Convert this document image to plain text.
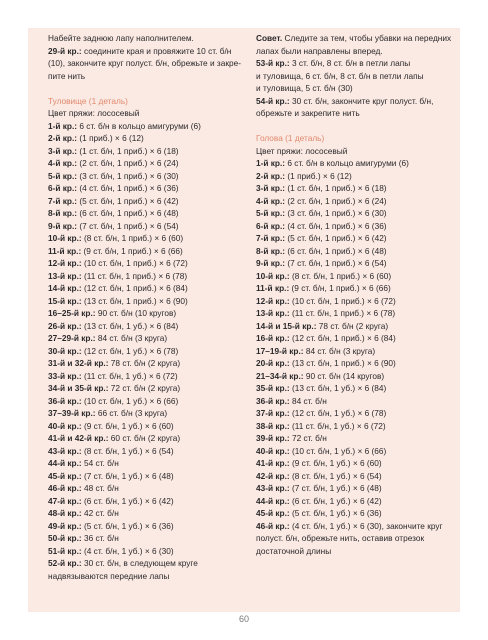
Набейте заднюю лапу наполнителем.
29-й кр.: соедините края и провяжите 10 ст. б/н
(10), закончите круг полуст. б/н, обрежьте и закре-
пите нить
Туловище (1 деталь)
Цвет пряжи: лососевый
1-й кр.: 6 ст. б/н в кольцо амигуруми (6)
2-й кр.: (1 приб.) × 6 (12)
3-й кр.: (1 ст. б/н, 1 приб.) × 6 (18)
4-й кр.: (2 ст. б/н, 1 приб.) × 6 (24)
5-й кр.: (3 ст. б/н, 1 приб.) × 6 (30)
6-й кр.: (4 ст. б/н, 1 приб.) × 6 (36)
7-й кр.: (5 ст. б/н, 1 приб.) × 6 (42)
8-й кр.: (6 ст. б/н, 1 приб.) × 6 (48)
9-й кр.: (7 ст. б/н, 1 приб.) × 6 (54)
10-й кр.: (8 ст. б/н, 1 приб.) × 6 (60)
11-й кр.: (9 ст. б/н, 1 приб.) × 6 (66)
12-й кр.: (10 ст. б/н, 1 приб.) × 6 (72)
13-й кр.: (11 ст. б/н, 1 приб.) × 6 (78)
14-й кр.: (12 ст. б/н, 1 приб.) × 6 (84)
15-й кр.: (13 ст. б/н, 1 приб.) × 6 (90)
16–25-й кр.: 90 ст. б/н (10 кругов)
26-й кр.: (13 ст. б/н, 1 уб.) × 6 (84)
27–29-й кр.: 84 ст. б/н (3 круга)
30-й кр.: (12 ст. б/н, 1 уб.) × 6 (78)
31-й и 32-й кр.: 78 ст. б/н (2 круга)
33-й кр.: (11 ст. б/н, 1 уб.) × 6 (72)
34-й и 35-й кр.: 72 ст. б/н (2 круга)
36-й кр.: (10 ст. б/н, 1 уб.) × 6 (66)
37–39-й кр.: 66 ст. б/н (3 круга)
40-й кр.: (9 ст. б/н, 1 уб.) × 6 (60)
41-й и 42-й кр.: 60 ст. б/н (2 круга)
43-й кр.: (8 ст. б/н, 1 уб.) × 6 (54)
44-й кр.: 54 ст. б/н
45-й кр.: (7 ст. б/н, 1 уб.) × 6 (48)
46-й кр.: 48 ст. б/н
47-й кр.: (6 ст. б/н, 1 уб.) × 6 (42)
48-й кр.: 42 ст. б/н
49-й кр.: (5 ст. б/н, 1 уб.) × 6 (36)
50-й кр.: 36 ст. б/н
51-й кр.: (4 ст. б/н, 1 уб.) × 6 (30)
52-й кр.: 30 ст. б/н, в следующем круге
надвязываются передние лапы
Совет. Следите за тем, чтобы убавки на передних
лапах были направлены вперед.
53-й кр.: 3 ст. б/н, 8 ст. б/н в петли лапы
и туловища, 6 ст. б/н, 8 ст. б/н в петли лапы
и туловища, 5 ст. б/н (30)
54-й кр.: 30 ст. б/н, закончите круг полуст. б/н,
обрежьте и закрепите нить
Голова (1 деталь)
Цвет пряжи: лососевый
1-й кр.: 6 ст. б/н в кольцо амигуруми (6)
2-й кр.: (1 приб.) × 6 (12)
3-й кр.: (1 ст. б/н, 1 приб.) × 6 (18)
4-й кр.: (2 ст. б/н, 1 приб.) × 6 (24)
5-й кр.: (3 ст. б/н, 1 приб.) × 6 (30)
6-й кр.: (4 ст. б/н, 1 приб.) × 6 (36)
7-й кр.: (5 ст. б/н, 1 приб.) × 6 (42)
8-й кр.: (6 ст. б/н, 1 приб.) × 6 (48)
9-й кр.: (7 ст. б/н, 1 приб.) × 6 (54)
10-й кр.: (8 ст. б/н, 1 приб.) × 6 (60)
11-й кр.: (9 ст. б/н, 1 приб.) × 6 (66)
12-й кр.: (10 ст. б/н, 1 приб.) × 6 (72)
13-й кр.: (11 ст. б/н, 1 приб.) × 6 (78)
14-й и 15-й кр.: 78 ст. б/н (2 круга)
16-й кр.: (12 ст. б/н, 1 приб.) × 6 (84)
17–19-й кр.: 84 ст. б/н (3 круга)
20-й кр.: (13 ст. б/н, 1 приб.) × 6 (90)
21–34-й кр.: 90 ст. б/н (14 кругов)
35-й кр.: (13 ст. б/н, 1 уб.) × 6 (84)
36-й кр.: 84 ст. б/н
37-й кр.: (12 ст. б/н, 1 уб.) × 6 (78)
38-й кр.: (11 ст. б/н, 1 уб.) × 6 (72)
39-й кр.: 72 ст. б/н
40-й кр.: (10 ст. б/н, 1 уб.) × 6 (66)
41-й кр.: (9 ст. б/н, 1 уб.) × 6 (60)
42-й кр.: (8 ст. б/н, 1 уб.) × 6 (54)
43-й кр.: (7 ст. б/н, 1 уб.) × 6 (48)
44-й кр.: (6 ст. б/н, 1 уб.) × 6 (42)
45-й кр.: (5 ст. б/н, 1 уб.) × 6 (36)
46-й кр.: (4 ст. б/н, 1 уб.) × 6 (30), закончите круг
полуст. б/н, обрежьте нить, оставив отрезок
достаточной длины
60
